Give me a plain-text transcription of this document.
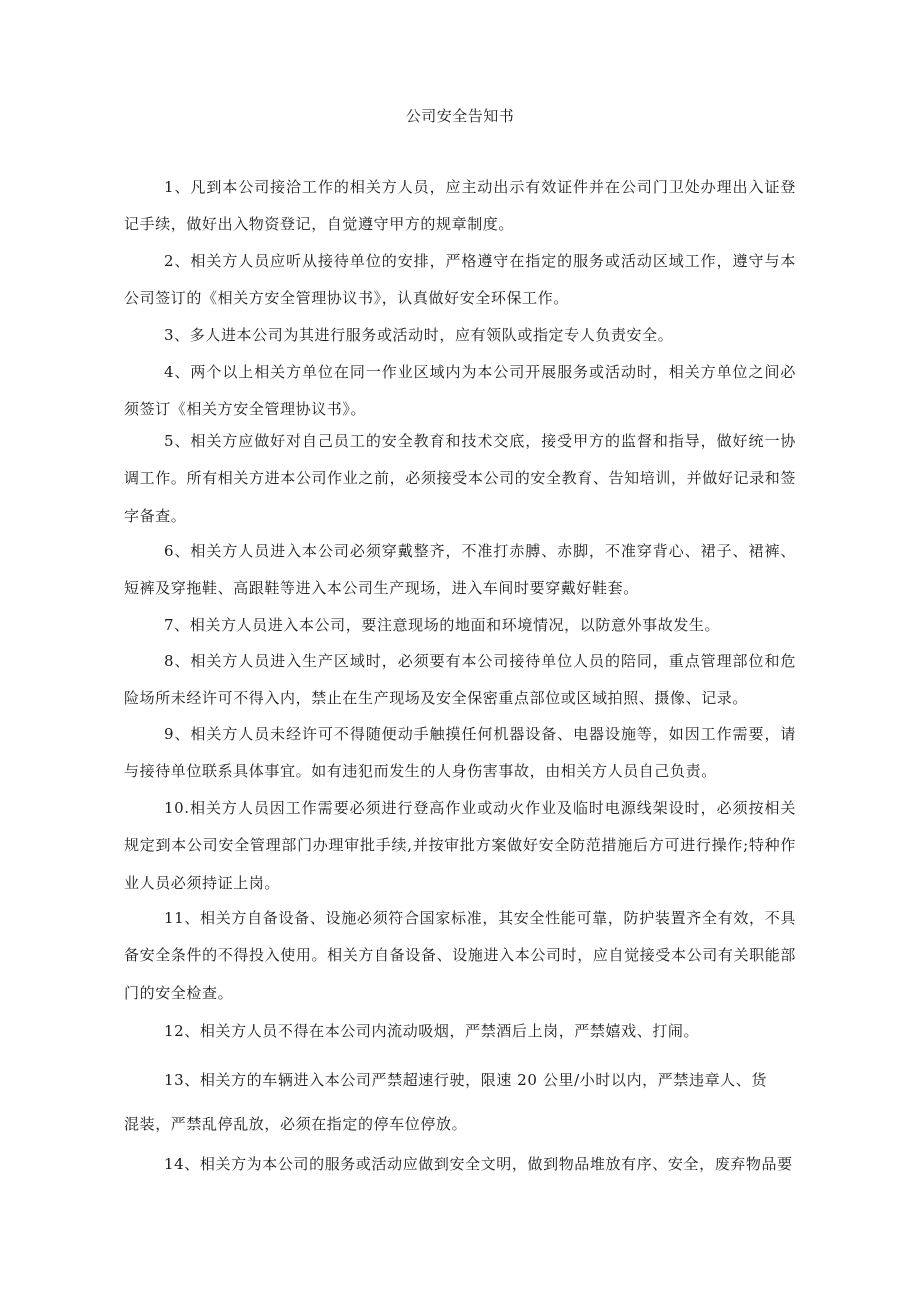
公司安全告知书
1、凡到本公司接洽工作的相关方人员，应主动出示有效证件并在公司门卫处办理出入证登记手续，做好出入物资登记，自觉遵守甲方的规章制度。
2、相关方人员应听从接待单位的安排，严格遵守在指定的服务或活动区域工作，遵守与本公司签订的《相关方安全管理协议书》，认真做好安全环保工作。
3、多人进本公司为其进行服务或活动时，应有领队或指定专人负责安全。
4、两个以上相关方单位在同一作业区域内为本公司开展服务或活动时，相关方单位之间必须签订《相关方安全管理协议书》。
5、相关方应做好对自己员工的安全教育和技术交底，接受甲方的监督和指导，做好统一协调工作。所有相关方进本公司作业之前，必须接受本公司的安全教育、告知培训，并做好记录和签字备查。
6、相关方人员进入本公司必须穿戴整齐，不准打赤膊、赤脚，不准穿背心、裙子、裙裤、短裤及穿拖鞋、高跟鞋等进入本公司生产现场，进入车间时要穿戴好鞋套。
7、相关方人员进入本公司，要注意现场的地面和环境情况，以防意外事故发生。
8、相关方人员进入生产区域时，必须要有本公司接待单位人员的陪同，重点管理部位和危险场所未经许可不得入内，禁止在生产现场及安全保密重点部位或区域拍照、摄像、记录。
9、相关方人员未经许可不得随便动手触摸任何机器设备、电器设施等，如因工作需要，请与接待单位联系具体事宜。如有违犯而发生的人身伤害事故，由相关方人员自己负责。
10.相关方人员因工作需要必须进行登高作业或动火作业及临时电源线架设时，必须按相关规定到本公司安全管理部门办理审批手续,并按审批方案做好安全防范措施后方可进行操作;特种作业人员必须持证上岗。
11、相关方自备设备、设施必须符合国家标准，其安全性能可靠，防护装置齐全有效，不具备安全条件的不得投入使用。相关方自备设备、设施进入本公司时，应自觉接受本公司有关职能部门的安全检查。
12、相关方人员不得在本公司内流动吸烟，严禁酒后上岗，严禁嬉戏、打闹。
13、相关方的车辆进入本公司严禁超速行驶，限速 20 公里/小时以内，严禁违章人、货
混装，严禁乱停乱放，必须在指定的停车位停放。
14、相关方为本公司的服务或活动应做到安全文明，做到物品堆放有序、安全，废弃物品要
